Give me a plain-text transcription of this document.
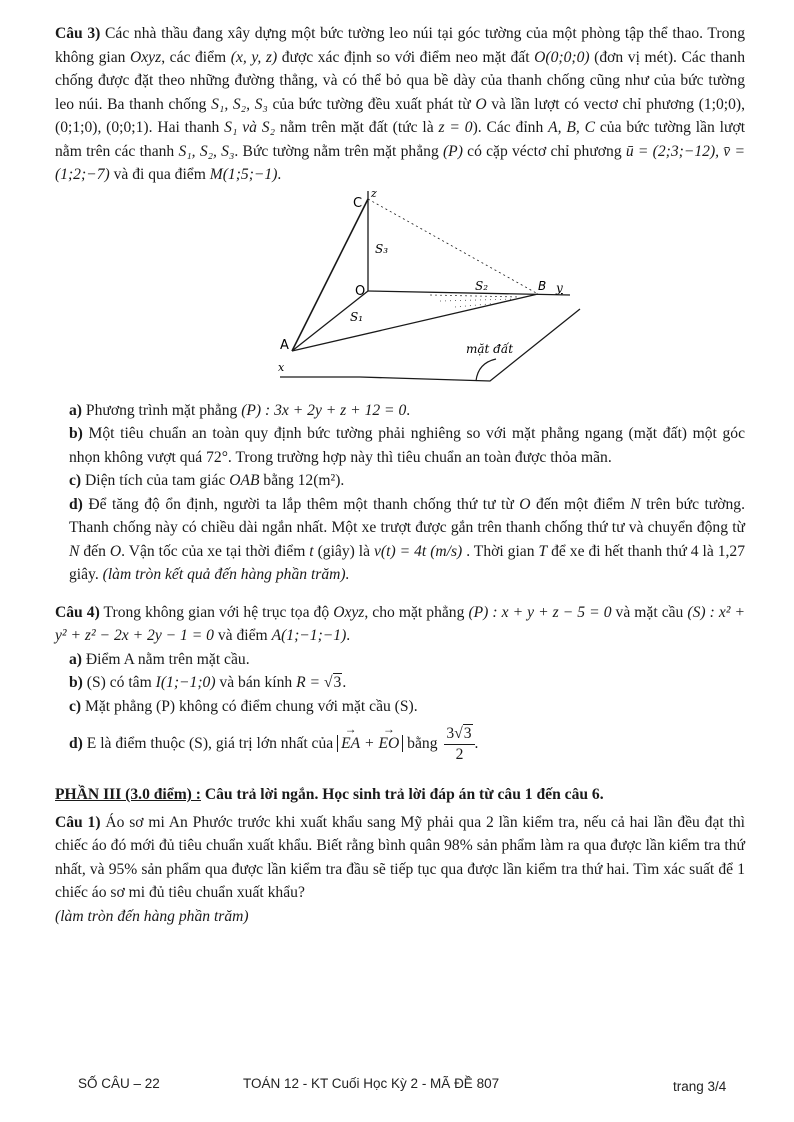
Câu 3) Các nhà thầu đang xây dựng một bức tường leo núi tại góc tường của một phòng tập thể thao. Trong không gian Oxyz, các điểm (x, y, z) được xác định so với điểm neo mặt đất O(0;0;0) (đơn vị mét). Các thanh chống được đặt theo những đường thẳng, và có thể bỏ qua bề dày của thanh chống cũng như của bức tường leo núi. Ba thanh chống S₁, S₂, S₃ của bức tường đều xuất phát từ O và lần lượt có vectơ chỉ phương (1;0;0), (0;1;0), (0;0;1). Hai thanh S₁ và S₂ nằm trên mặt đất (tức là z = 0). Các đỉnh A, B, C của bức tường lần lượt nằm trên các thanh S₁, S₂, S₃. Bức tường nằm trên mặt phẳng (P) có cặp véctơ chỉ phương ū = (2;3;−12), v̄ = (1;2;−7) và đi qua điểm M(1;5;−1).

C
z
S₃
O	S₂	B y
S₁
A
x
mặt đất

a) Phương trình mặt phẳng (P) : 3x + 2y + z + 12 = 0.

b) Một tiêu chuẩn an toàn quy định bức tường phải nghiêng so với mặt phẳng ngang (mặt đất) một góc nhọn không vượt quá 72°. Trong trường hợp này thì tiêu chuẩn an toàn được thỏa mãn.

c) Diện tích của tam giác OAB bằng 12(m²).

d) Để tăng độ ổn định, người ta lắp thêm một thanh chống thứ tư từ O đến một điểm N trên bức tường. Thanh chống này có chiều dài ngắn nhất. Một xe trượt được gắn trên thanh chống thứ tư và chuyển động từ N đến O. Vận tốc của xe tại thời điểm t (giây) là v(t) = 4t (m/s) . Thời gian T để xe đi hết thanh thứ 4 là 1,27 giây. (làm tròn kết quả đến hàng phần trăm).

Câu 4) Trong không gian với hệ trục tọa độ Oxyz, cho mặt phẳng (P) : x + y + z − 5 = 0 và mặt cầu (S) : x² + y² + z² − 2x + 2y − 1 = 0 và điểm A(1;−1;−1).

a) Điểm A nằm trên mặt cầu.

b) (S) có tâm I(1;−1;0) và bán kính R = √3.

c) Mặt phẳng (P) không có điểm chung với mặt cầu (S).

d) E là điểm thuộc (S), giá trị lớn nhất của → EA + → EO bằng $\frac{3√3}{2}$ .

PHẦN III (3.0 điểm) : Câu trả lời ngắn. Học sinh trả lời đáp án từ câu 1 đến câu 6.

Câu 1) Áo sơ mi An Phước trước khi xuất khẩu sang Mỹ phải qua 2 lần kiểm tra, nếu cả hai lần đều đạt thì chiếc áo đó mới đủ tiêu chuẩn xuất khẩu. Biết rằng bình quân 98% sản phẩm làm ra qua được lần kiểm tra thứ nhất, và 95% sản phẩm qua được lần kiểm tra đầu sẽ tiếp tục qua được lần kiểm tra thứ hai. Tìm xác suất để 1 chiếc áo sơ mi đủ tiêu chuẩn xuất khẩu?
(làm tròn đến hàng phần trăm)

SỐ CÂU – 22	TOÁN 12 - KT Cuối Học Kỳ 2 - MÃ ĐỀ 807	trang 3/4
